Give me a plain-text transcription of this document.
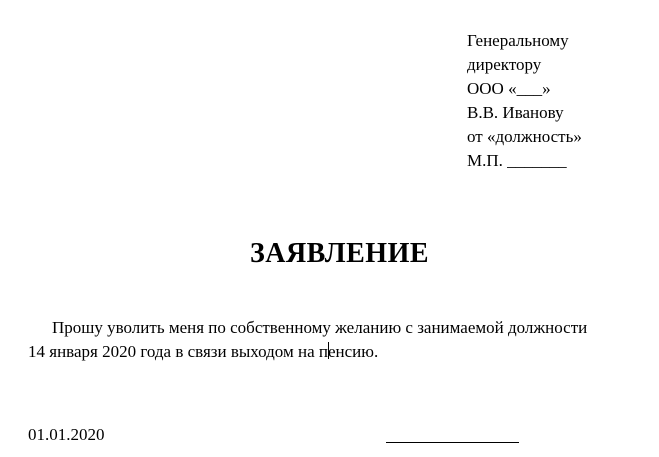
Генеральному
директору
ООО «___»
В.В. Иванову
от «должность»
М.П. _______
ЗАЯВЛЕНИЕ
Прошу уволить меня по собственному желанию с занимаемой должности
14 января 2020 года в связи выходом на пенсию.
01.01.2020
